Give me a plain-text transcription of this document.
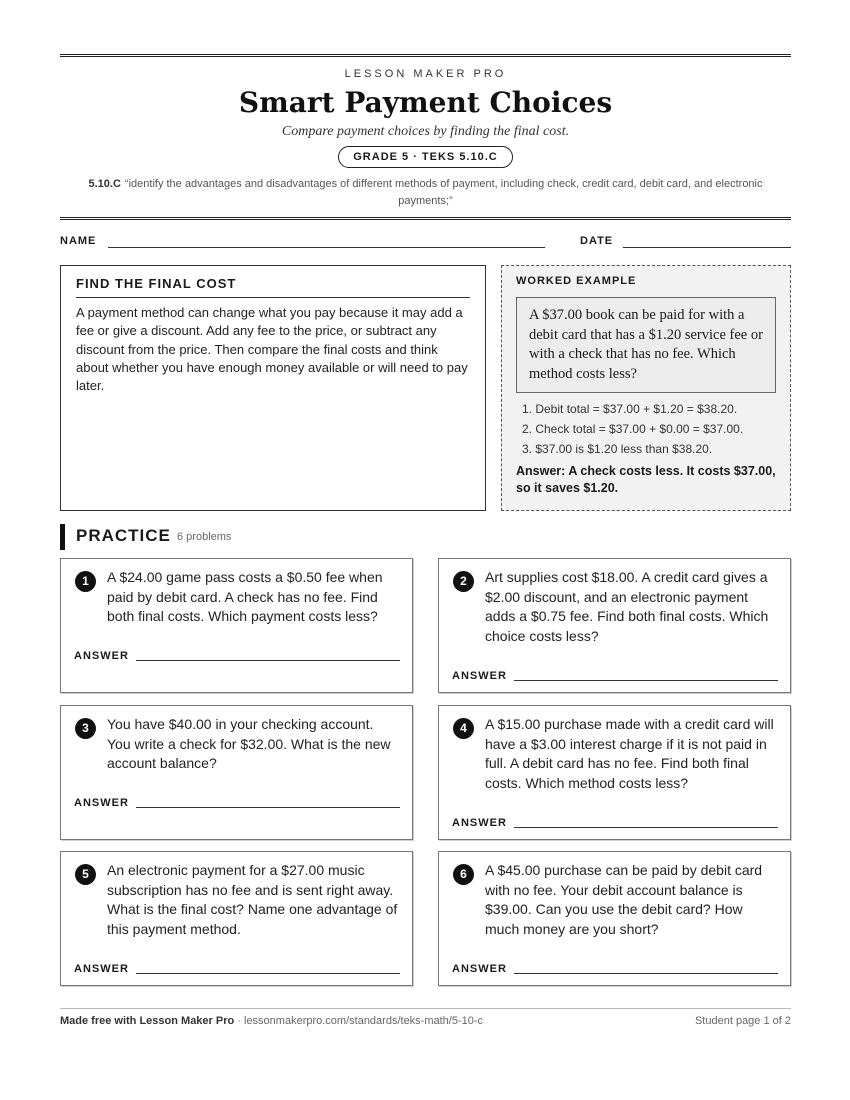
LESSON MAKER PRO
Smart Payment Choices
Compare payment choices by finding the final cost.
GRADE 5 · TEKS 5.10.C
5.10.C “identify the advantages and disadvantages of different methods of payment, including check, credit card, debit card, and electronic payments;”
NAME	DATE
FIND THE FINAL COST
A payment method can change what you pay because it may add a fee or give a discount. Add any fee to the price, or subtract any discount from the price. Then compare the final costs and think about whether you have enough money available or will need to pay later.
WORKED EXAMPLE
A $37.00 book can be paid for with a debit card that has a $1.20 service fee or with a check that has no fee. Which method costs less?
1. Debit total = $37.00 + $1.20 = $38.20.
2. Check total = $37.00 + $0.00 = $37.00.
3. $37.00 is $1.20 less than $38.20.
Answer: A check costs less. It costs $37.00, so it saves $1.20.
PRACTICE 6 problems
1	A $24.00 game pass costs a $0.50 fee when paid by debit card. A check has no fee. Find both final costs. Which payment costs less?
ANSWER
2	Art supplies cost $18.00. A credit card gives a $2.00 discount, and an electronic payment adds a $0.75 fee. Find both final costs. Which choice costs less?
ANSWER
3	You have $40.00 in your checking account. You write a check for $32.00. What is the new account balance?
ANSWER
4	A $15.00 purchase made with a credit card will have a $3.00 interest charge if it is not paid in full. A debit card has no fee. Find both final costs. Which method costs less?
ANSWER
5	An electronic payment for a $27.00 music subscription has no fee and is sent right away. What is the final cost? Name one advantage of this payment method.
ANSWER
6	A $45.00 purchase can be paid by debit card with no fee. Your debit account balance is $39.00. Can you use the debit card? How much money are you short?
ANSWER
Made free with Lesson Maker Pro · lessonmakerpro.com/standards/teks-math/5-10-c	Student page 1 of 2
